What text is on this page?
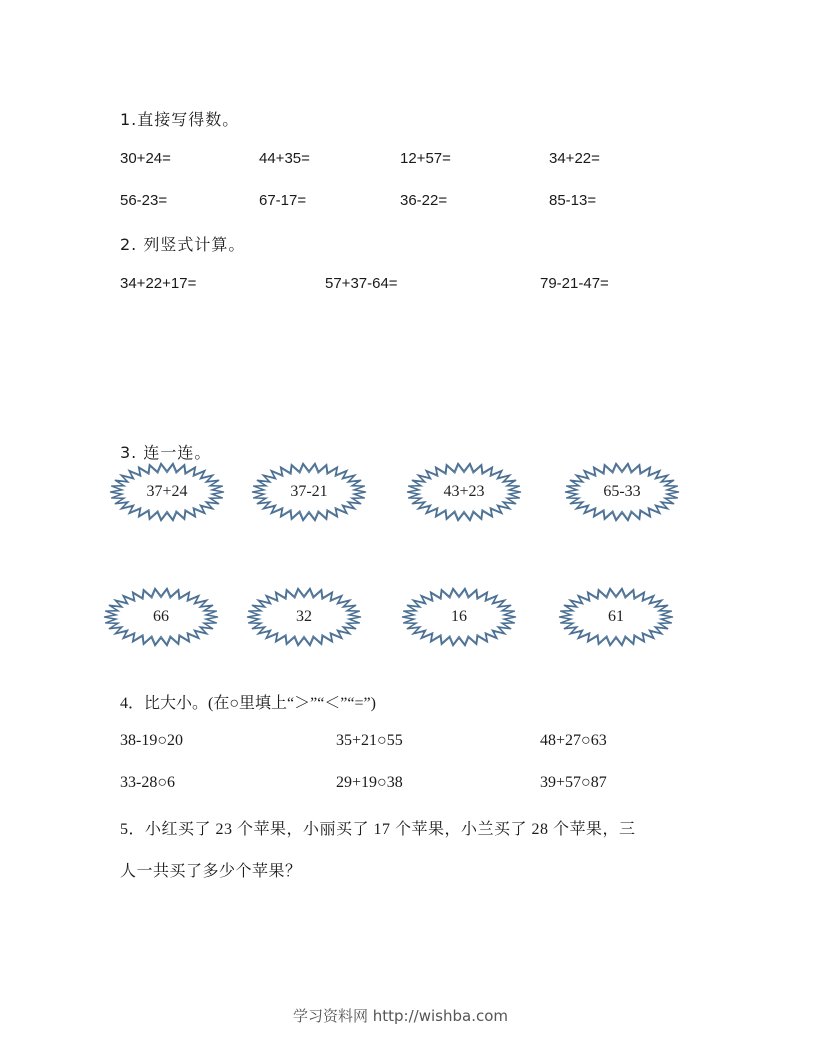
1.直接写得数。
30+24=	44+35=	12+57=	34+22=
56-23=	67-17=	36-22=	85-13=
2. 列竖式计算。
34+22+17=	57+37-64=	79-21-47=
3. 连一连。
37+24	37-21	43+23	65-33
66	32	16	61
4．比大小。(在○里填上“＞”“＜”“=”)
38-19○20	35+21○55	48+27○63
33-28○6	29+19○38	39+57○87
5．小红买了 23 个苹果，小丽买了 17 个苹果，小兰买了 28 个苹果，三
人一共买了多少个苹果？
学习资料网 http://wishba.com
